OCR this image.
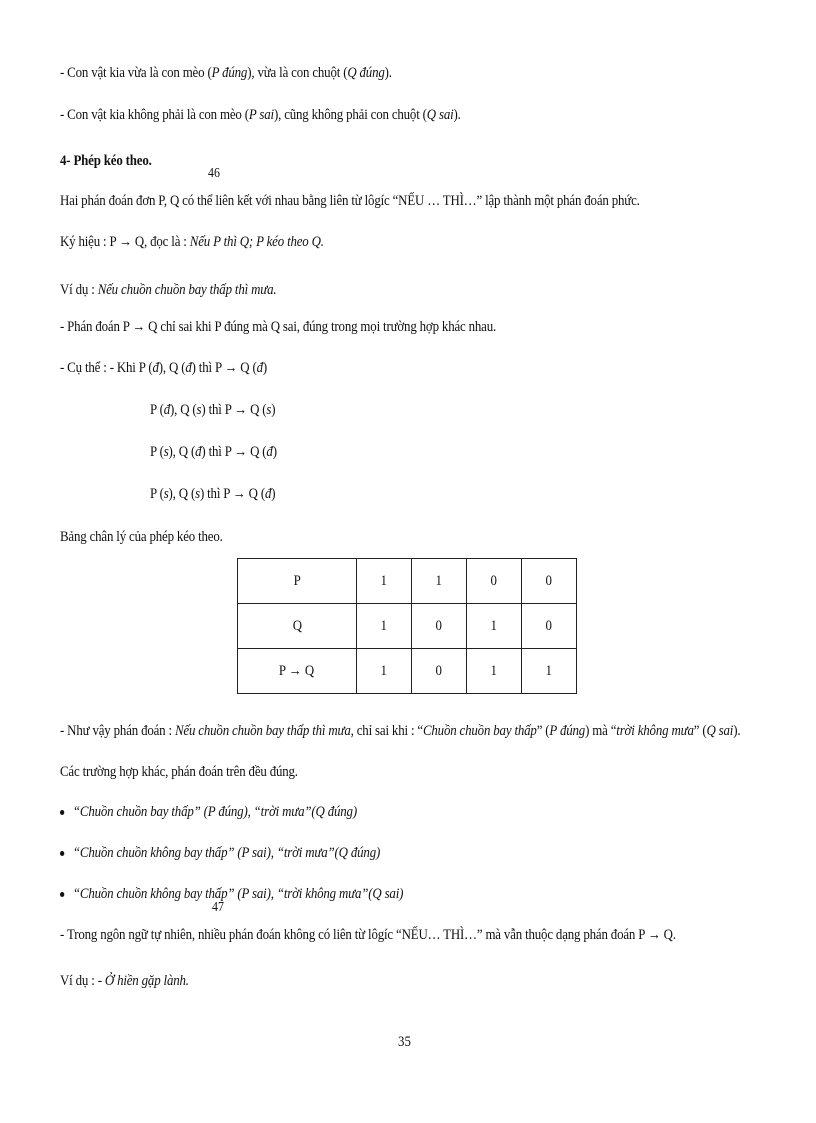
- Con vật kia vừa là con mèo (P đúng), vừa là con chuột (Q đúng).
- Con vật kia không phải là con mèo (P sai), cũng không phải con chuột (Q sai).
4- Phép kéo theo.
46
Hai phán đoán đơn P, Q có thể liên kết với nhau bằng liên từ lôgíc “NẾU … THÌ…” lập thành một phán đoán phức.
Ký hiệu : P → Q, đọc là : Nếu P thì Q; P kéo theo Q.
Ví dụ : Nếu chuồn chuồn bay thấp thì mưa.
- Phán đoán P → Q chỉ sai khi P đúng mà Q sai, đúng trong mọi trường hợp khác nhau.
- Cụ thể : - Khi P (đ), Q (đ) thì P → Q (đ)
P (đ), Q (s) thì P → Q (s)
P (s), Q (đ) thì P → Q (đ)
P (s), Q (s) thì P → Q (đ)
Bảng chân lý của phép kéo theo.
P	1	1	0	0
Q	1	0	1	0
P → Q	1	0	1	1
- Như vậy phán đoán : Nếu chuồn chuồn bay thấp thì mưa, chỉ sai khi : “Chuồn chuồn bay thấp” (P đúng) mà “trời không mưa” (Q sai).
Các trường hợp khác, phán đoán trên đều đúng.
“Chuồn chuồn bay thấp” (P đúng), “trời mưa”(Q đúng)
“Chuồn chuồn không bay thấp” (P sai), “trời mưa”(Q đúng)
“Chuồn chuồn không bay thấp” (P sai), “trời không mưa”(Q sai)
47
- Trong ngôn ngữ tự nhiên, nhiều phán đoán không có liên từ lôgíc “NẾU… THÌ…” mà vẫn thuộc dạng phán đoán P → Q.
Ví dụ : - Ở hiền gặp lành.
35
